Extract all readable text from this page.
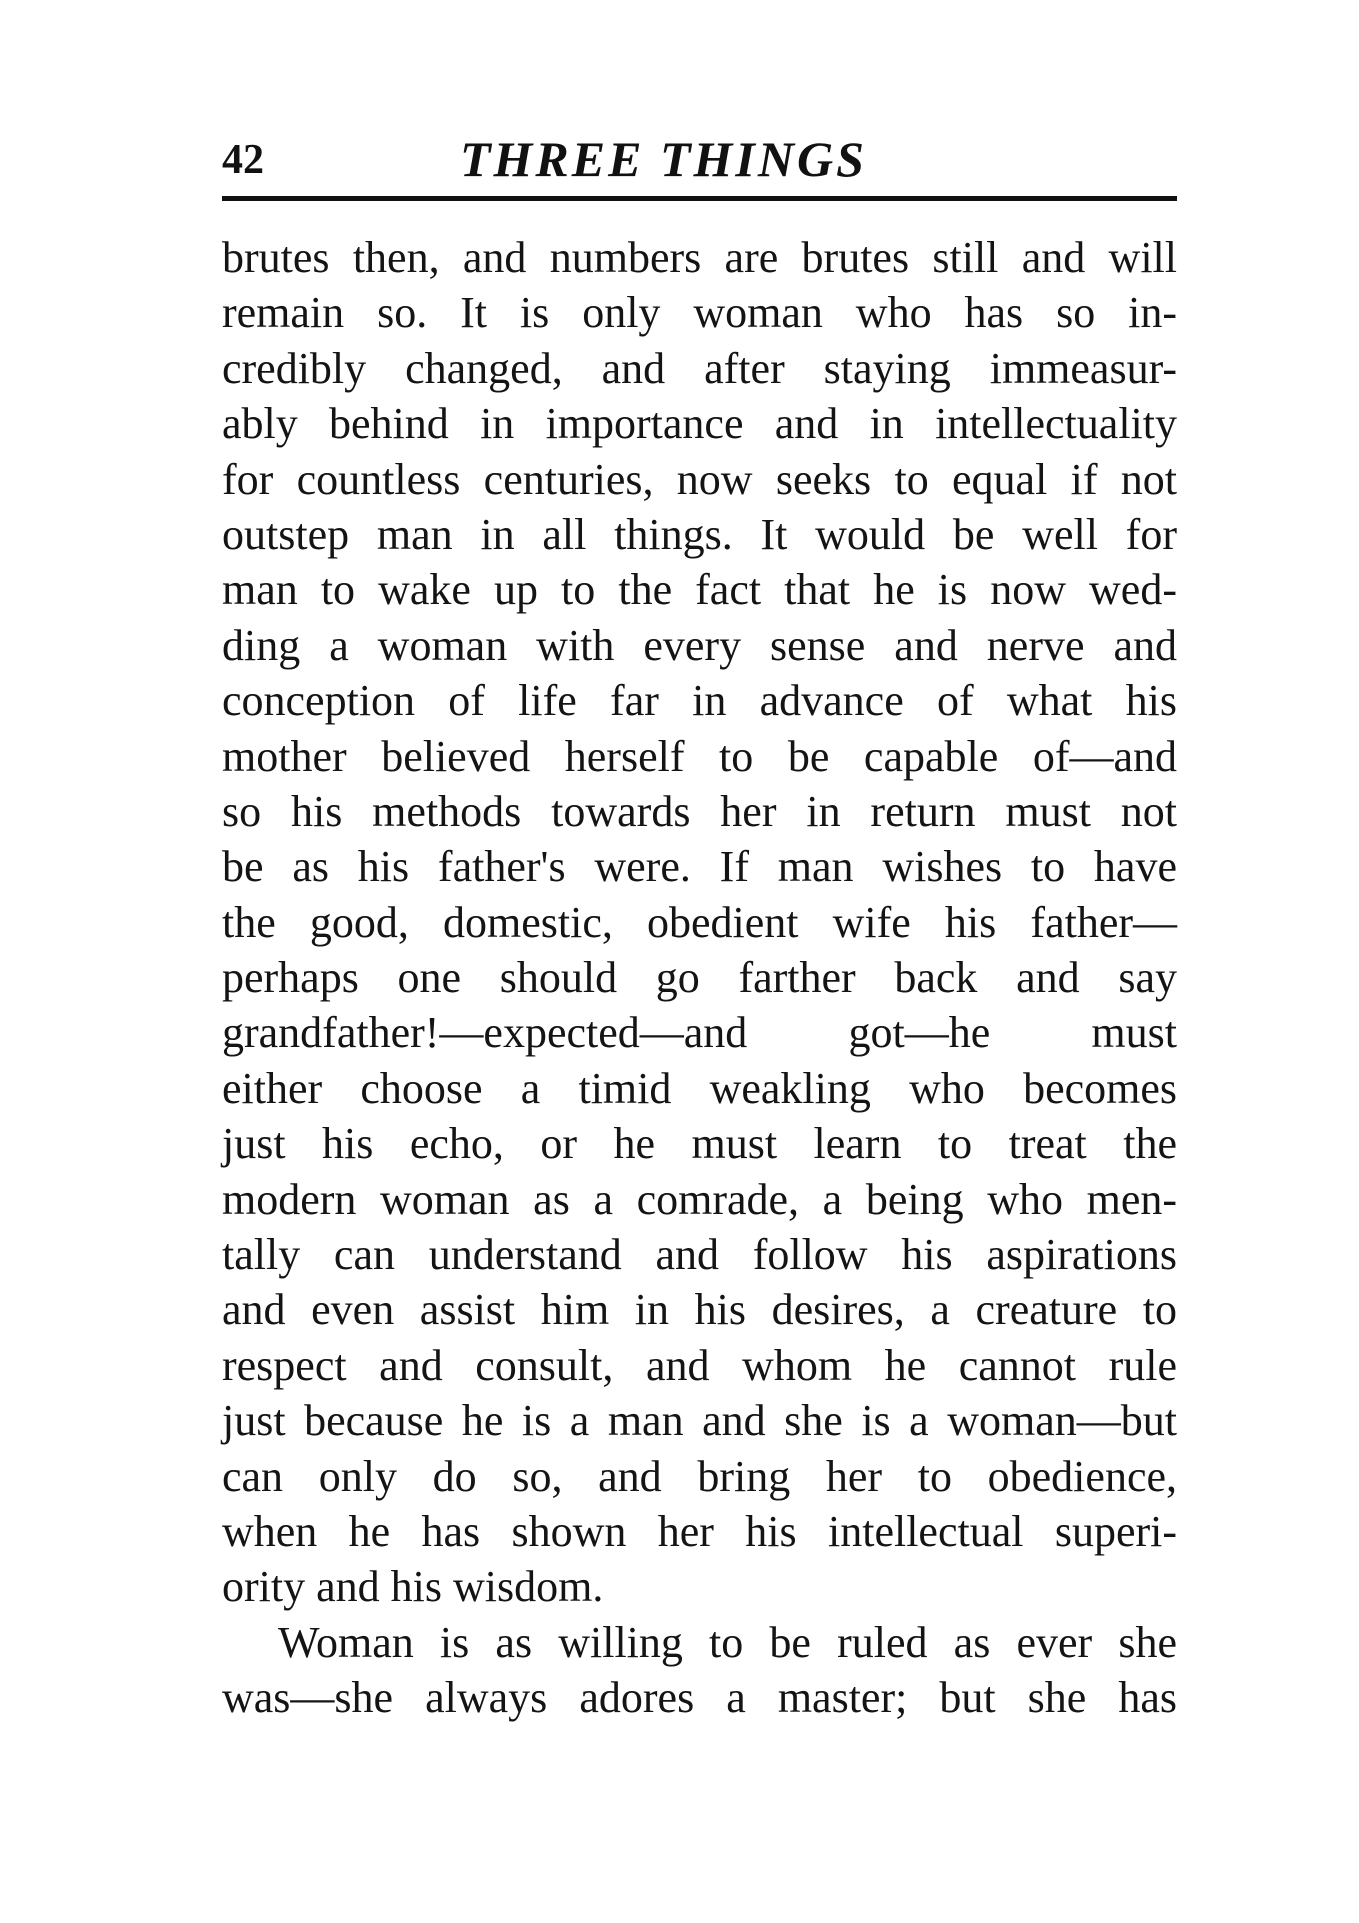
42	THREE THINGS
brutes then, and numbers are brutes still and will
remain so. It is only woman who has so in-
credibly changed, and after staying immeasur-
ably behind in importance and in intellectuality
for countless centuries, now seeks to equal if not
outstep man in all things. It would be well for
man to wake up to the fact that he is now wed-
ding a woman with every sense and nerve and
conception of life far in advance of what his
mother believed herself to be capable of—and
so his methods towards her in return must not
be as his father's were. If man wishes to have
the good, domestic, obedient wife his father—
perhaps one should go farther back and say
grandfather!—expected—and got—he must
either choose a timid weakling who becomes
just his echo, or he must learn to treat the
modern woman as a comrade, a being who men-
tally can understand and follow his aspirations
and even assist him in his desires, a creature to
respect and consult, and whom he cannot rule
just because he is a man and she is a woman—but
can only do so, and bring her to obedience,
when he has shown her his intellectual superi-
ority and his wisdom.
Woman is as willing to be ruled as ever she
was—she always adores a master; but she has
